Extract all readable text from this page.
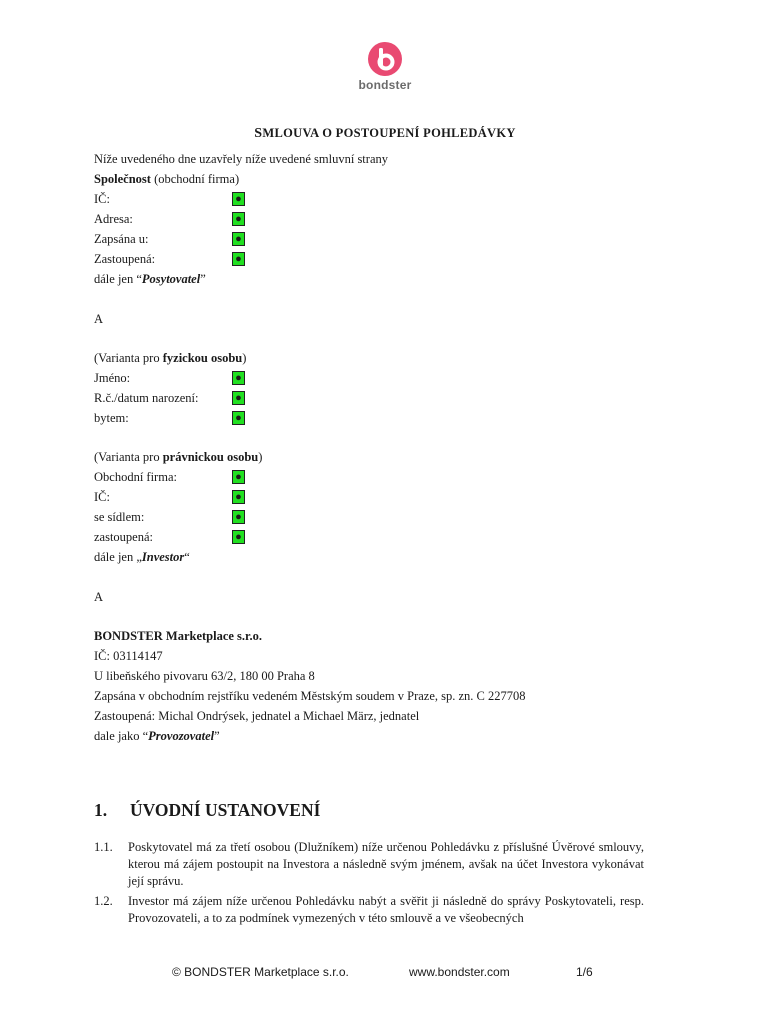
bondster
SMLOUVA O POSTOUPENÍ POHLEDÁVKY
Níže uvedeného dne uzavřely níže uvedené smluvní strany
Společnost (obchodní firma)
IČ:	●
Adresa:	●
Zapsána u:	●
Zastoupená:	●
dále jen “Posytovatel”
A
(Varianta pro fyzickou osobu)
Jméno:	●
R.č./datum narození:	●
bytem:	●
(Varianta pro právnickou osobu)
Obchodní firma:	●
IČ:	●
se sídlem:	●
zastoupená:	●
dále jen „Investor“
A
BONDSTER Marketplace s.r.o.
IČ: 03114147
U libeňského pivovaru 63/2, 180 00 Praha 8
Zapsána v obchodním rejstříku vedeném Městským soudem v Praze, sp. zn. C 227708
Zastoupená: Michal Ondrýsek, jednatel a Michael März, jednatel
dale jako “Provozovatel”
1. ÚVODNÍ USTANOVENÍ
1.1. Poskytovatel má za třetí osobou (Dlužníkem) níže určenou Pohledávku z příslušné Úvěrové smlouvy, kterou má zájem postoupit na Investora a následně svým jménem, avšak na účet Investora vykonávat její správu.
1.2. Investor má zájem níže určenou Pohledávku nabýt a svěřit ji následně do správy Poskytovateli, resp. Provozovateli, a to za podmínek vymezených v této smlouvě a ve všeobecných
© BONDSTER Marketplace s.r.o.	www.bondster.com	1/6
